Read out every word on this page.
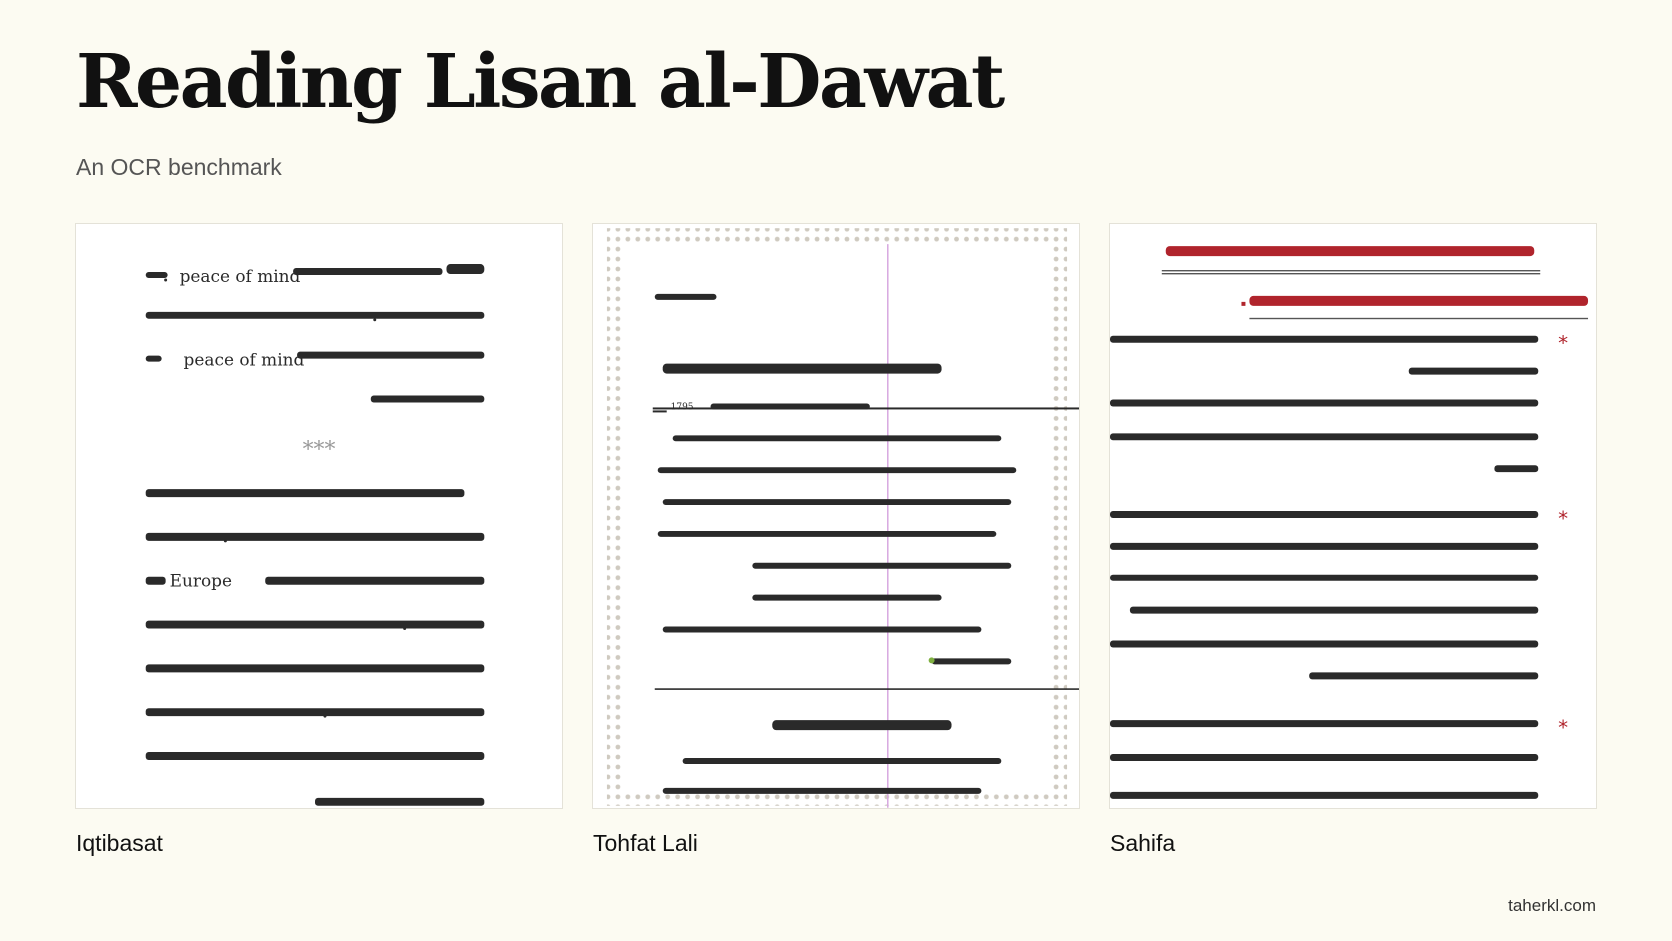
Reading Lisan al-Dawat

An OCR benchmark

peace of mind
peace of mind
Europe
***
1795
*
*
*

Iqtibasat	Tohfat Lali	Sahifa

taherkl.com
